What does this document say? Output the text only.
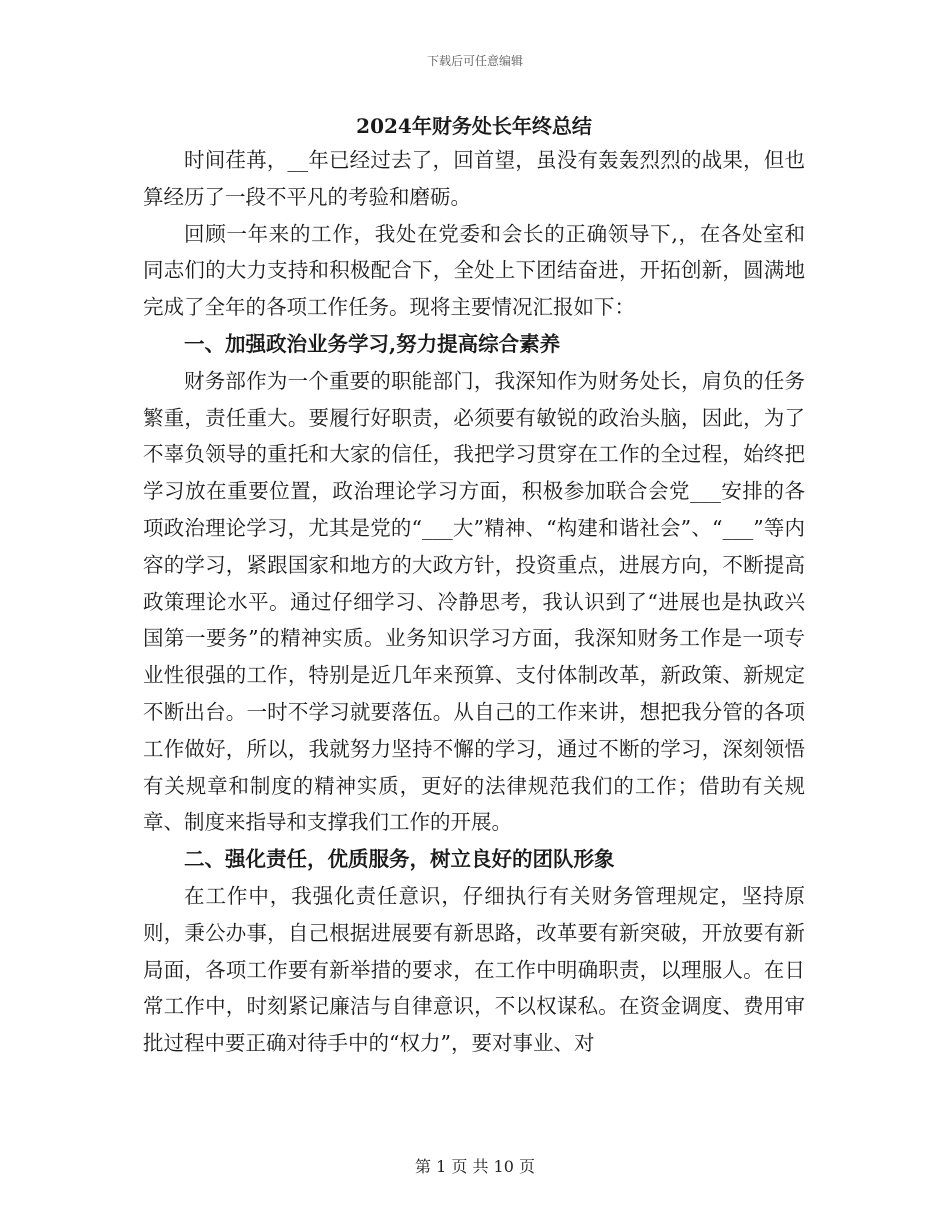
下载后可任意编辑
2024年财务处长年终总结

时间荏苒，__年已经过去了，回首望，虽没有轰轰烈烈的战果，但也算经历了一段不平凡的考验和磨砺。

回顾一年来的工作，我处在党委和会长的正确领导下,，在各处室和同志们的大力支持和积极配合下，全处上下团结奋进，开拓创新，圆满地完成了全年的各项工作任务。现将主要情况汇报如下：

一、加强政治业务学习,努力提高综合素养

财务部作为一个重要的职能部门，我深知作为财务处长，肩负的任务繁重，责任重大。要履行好职责，必须要有敏锐的政治头脑，因此，为了不辜负领导的重托和大家的信任，我把学习贯穿在工作的全过程，始终把学习放在重要位置，政治理论学习方面，积极参加联合会党___安排的各项政治理论学习，尤其是党的“___大”精神、“构建和谐社会”、“___”等内容的学习，紧跟国家和地方的大政方针，投资重点，进展方向，不断提高政策理论水平。通过仔细学习、冷静思考，我认识到了“进展也是执政兴国第一要务”的精神实质。业务知识学习方面，我深知财务工作是一项专业性很强的工作，特别是近几年来预算、支付体制改革，新政策、新规定不断出台。一时不学习就要落伍。从自己的工作来讲，想把我分管的各项工作做好，所以，我就努力坚持不懈的学习，通过不断的学习，深刻领悟有关规章和制度的精神实质，更好的法律规范我们的工作；借助有关规章、制度来指导和支撑我们工作的开展。

二、强化责任，优质服务，树立良好的团队形象

在工作中，我强化责任意识，仔细执行有关财务管理规定，坚持原则，秉公办事，自己根据进展要有新思路，改革要有新突破，开放要有新局面，各项工作要有新举措的要求，在工作中明确职责，以理服人。在日常工作中，时刻紧记廉洁与自律意识，不以权谋私。在资金调度、费用审批过程中要正确对待手中的“权力”，要对事业、对

第 1 页 共 10 页
